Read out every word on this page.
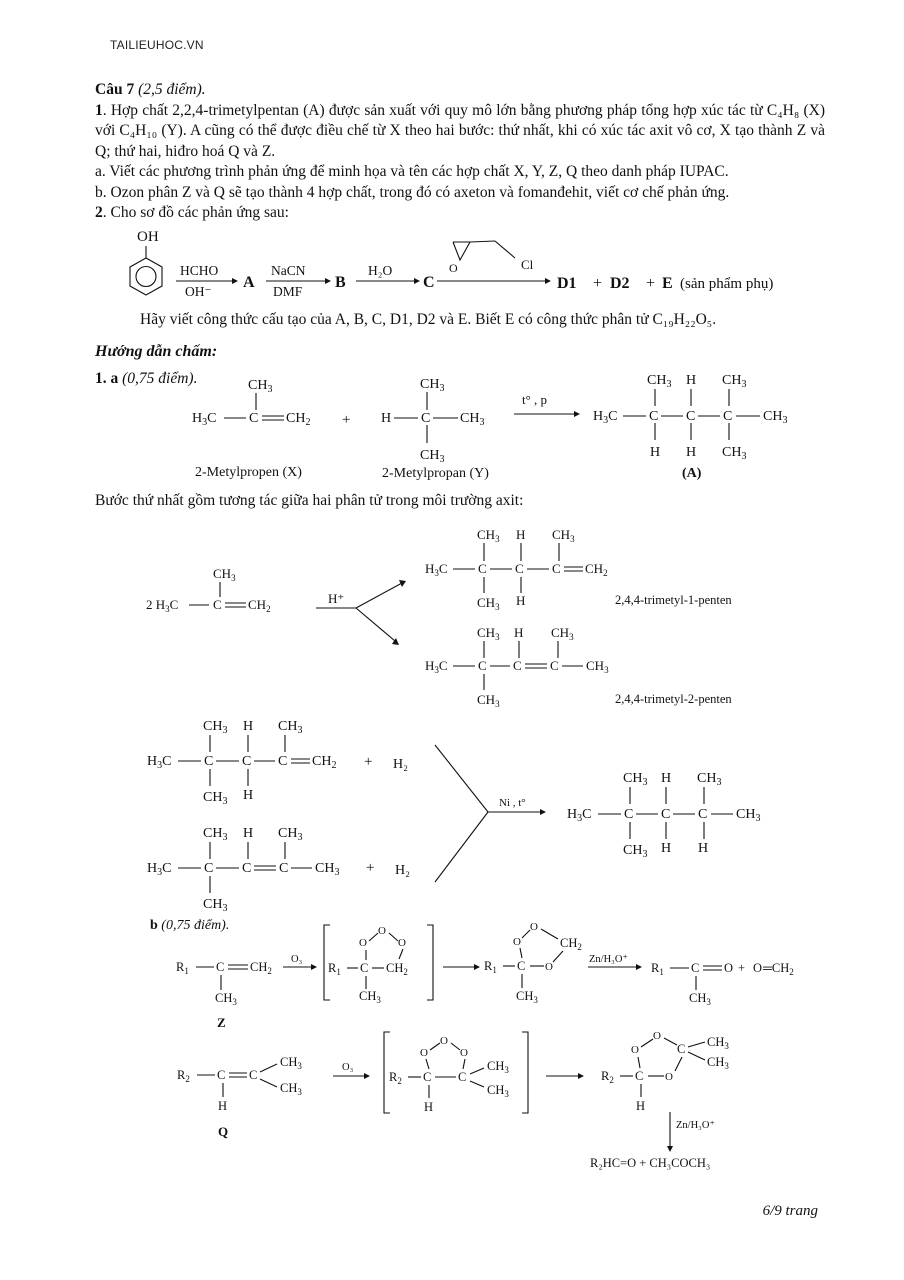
TAILIEUHOC.VN

Câu 7 (2,5 điểm).

1. Hợp chất 2,2,4-trimetylpentan (A) được sản xuất với quy mô lớn bằng phương pháp tổng hợp xúc tác từ C₄H₈ (X) với C₄H₁₀ (Y). A cũng có thể được điều chế từ X theo hai bước: thứ nhất, khi có xúc tác axit vô cơ, X tạo thành Z và Q; thứ hai, hiđro hoá Q và Z.

a. Viết các phương trình phản ứng để minh họa và tên các hợp chất X, Y, Z, Q theo danh pháp IUPAC.

b. Ozon phân Z và Q sẽ tạo thành 4 hợp chất, trong đó có axeton và fomanđehit, viết cơ chế phản ứng.

2. Cho sơ đồ các phản ứng sau:

Hãy viết công thức cấu tạo của A, B, C, D1, D2 và E. Biết E có công thức phân tử C₁₉H₂₂O₅.
Hướng dẫn chấm:
1. a (0,75 điểm).
Bước thứ nhất gồm tương tác giữa hai phân tử trong môi trường axit:
b (0,75 điểm).
OH
HCHO
OH⁻
A
NaCN
DMF
B
H₂O
C
O	Cl
D1 + D2 + E (sản phẩm phụ)
$CH_3$
$H_3C$ C $CH_2$ +
$CH_3$
H C $CH_3$
$CH_3$
t° , p
2-Metylpropen (X)	2-Metylpropan (Y)
$CH_3$ H $CH_3$
$H_3C$ C C C $CH_3$
H H $CH_3$
(A)
$CH_3$
2 $H_3C$	C $CH_2$
H⁺
$CH_3$ H $CH_3$
$H_3C$ C C C $CH_2$
$CH_3$ H	2,4,4-trimetyl-1-penten
$CH_3$ H $CH_3$
$H_3C$ C C C $CH_3$
$CH_3$	2,4,4-trimetyl-2-penten
$CH_3$ H $CH_3$
$H_3C$ C C C $CH_2$
$CH_3$ H
+ H₂
$CH_3$ H $CH_3$
$H_3C$ C C C $CH_3$
$CH_3$
+ H₂
Ni , t°
$CH_3$ H $CH_3$
$H_3C$ C C C $CH_3$
$CH_3$ H H
$R_1$ C $CH_2$
$CH_3$
Z
O₃
$R_1$ C $CH_2$
O
O
O
$CH_3$
$R_1$ C
O
O
O
$CH_2$
$CH_3$
Zn/H₃O⁺
$R_1$ C $O + O═CH_2$
$CH_3$
$R_2$ C C
$CH_3$
$CH_3$
H
Q
O₃
$R_2$ C C
O
O
O
$CH_3$
$CH_3$
H
$R_2$ C
O
O
O
C $CH_3$
$CH_3$
H
Zn/H₃O⁺
R₂HC=O + CH₃COCH₃
6/9 trang
